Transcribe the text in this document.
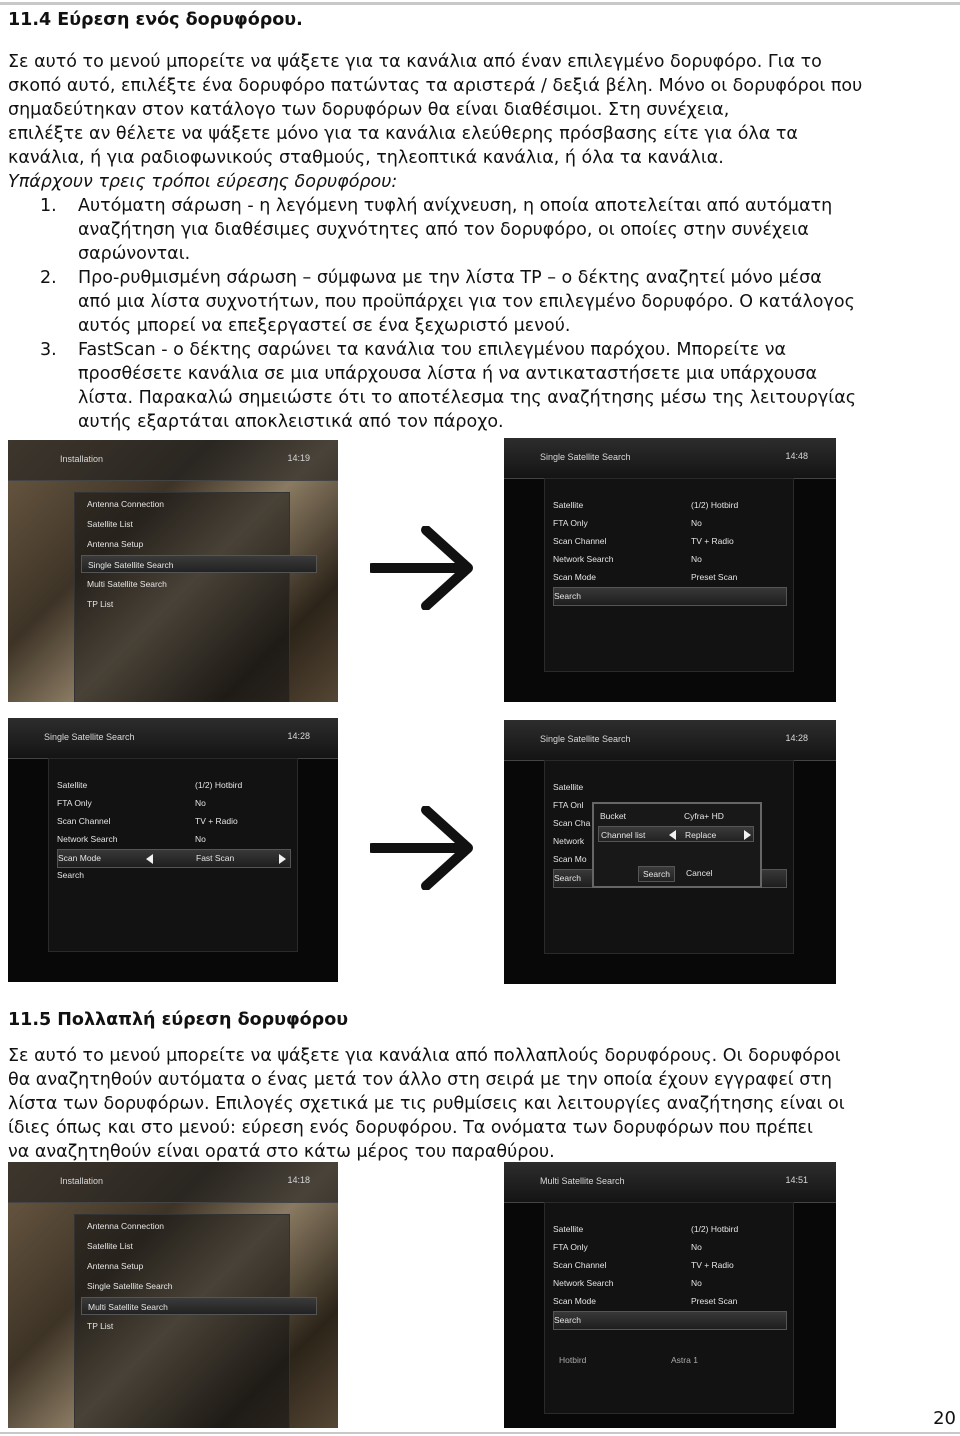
11.4 Εύρεση ενός δορυφόρου.
Σε αυτό το μενού μπορείτε να ψάξετε για τα κανάλια από έναν επιλεγμένο δορυφόρο. Για το
σκοπό αυτό, επιλέξτε ένα δορυφόρο πατώντας τα αριστερά / δεξιά βέλη. Μόνο οι δορυφόροι που
σημαδεύτηκαν στον κατάλογο των δορυφόρων θα είναι διαθέσιμοι. Στη συνέχεια,
επιλέξτε αν θέλετε να ψάξετε μόνο για τα κανάλια ελεύθερης πρόσβασης είτε για όλα τα
κανάλια, ή για ραδιοφωνικούς σταθμούς, τηλεοπτικά κανάλια, ή όλα τα κανάλια.
Υπάρχουν τρεις τρόποι εύρεσης δορυφόρου:
1. Αυτόματη σάρωση - η λεγόμενη τυφλή ανίχνευση, η οποία αποτελείται από αυτόματη
αναζήτηση για διαθέσιμες συχνότητες από τον δορυφόρο, οι οποίες στην συνέχεια
σαρώνονται.
2. Προ-ρυθμισμένη σάρωση – σύμφωνα με την λίστα TP – ο δέκτης αναζητεί μόνο μέσα
από μια λίστα συχνοτήτων, που προϋπάρχει για τον επιλεγμένο δορυφόρο. Ο κατάλογος
αυτός μπορεί να επεξεργαστεί σε ένα ξεχωριστό μενού.
3. FastScan - ο δέκτης σαρώνει τα κανάλια του επιλεγμένου παρόχου. Μπορείτε να
προσθέσετε κανάλια σε μια υπάρχουσα λίστα ή να αντικαταστήσετε μια υπάρχουσα
λίστα. Παρακαλώ σημειώστε ότι το αποτέλεσμα της αναζήτησης μέσω της λειτουργίας
αυτής εξαρτάται αποκλειστικά από τον πάροχο.
Installation	14:19
Antenna Connection
Satellite List
Antenna Setup
Single Satellite Search
Multi Satellite Search
TP List
Single Satellite Search	14:48
Satellite	(1/2) Hotbird
FTA Only	No
Scan Channel	TV + Radio
Network Search	No
Scan Mode	Preset Scan
Search
Single Satellite Search	14:28
Satellite	(1/2) Hotbird
FTA Only	No
Scan Channel	TV + Radio
Network Search	No
Scan Mode	Fast Scan
Search
Single Satellite Search	14:28
Satellite
FTA Onl
Scan Cha
Network
Scan Mo
Search
Bucket	Cyfra+ HD
Channel list	Replace
Search	Cancel
11.5 Πολλαπλή εύρεση δορυφόρου
Σε αυτό το μενού μπορείτε να ψάξετε για κανάλια από πολλαπλούς δορυφόρους. Οι δορυφόροι
θα αναζητηθούν αυτόματα ο ένας μετά τον άλλο στη σειρά με την οποία έχουν εγγραφεί στη
λίστα των δορυφόρων. Επιλογές σχετικά με τις ρυθμίσεις και λειτουργίες αναζήτησης είναι οι
ίδιες όπως και στο μενού: εύρεση ενός δορυφόρου. Τα ονόματα των δορυφόρων που πρέπει
να αναζητηθούν είναι ορατά στο κάτω μέρος του παραθύρου.
Installation	14:18
Antenna Connection
Satellite List
Antenna Setup
Single Satellite Search
Multi Satellite Search
TP List
Multi Satellite Search	14:51
Satellite	(1/2) Hotbird
FTA Only	No
Scan Channel	TV + Radio
Network Search	No
Scan Mode	Preset Scan
Search
Hotbird	Astra 1
20
